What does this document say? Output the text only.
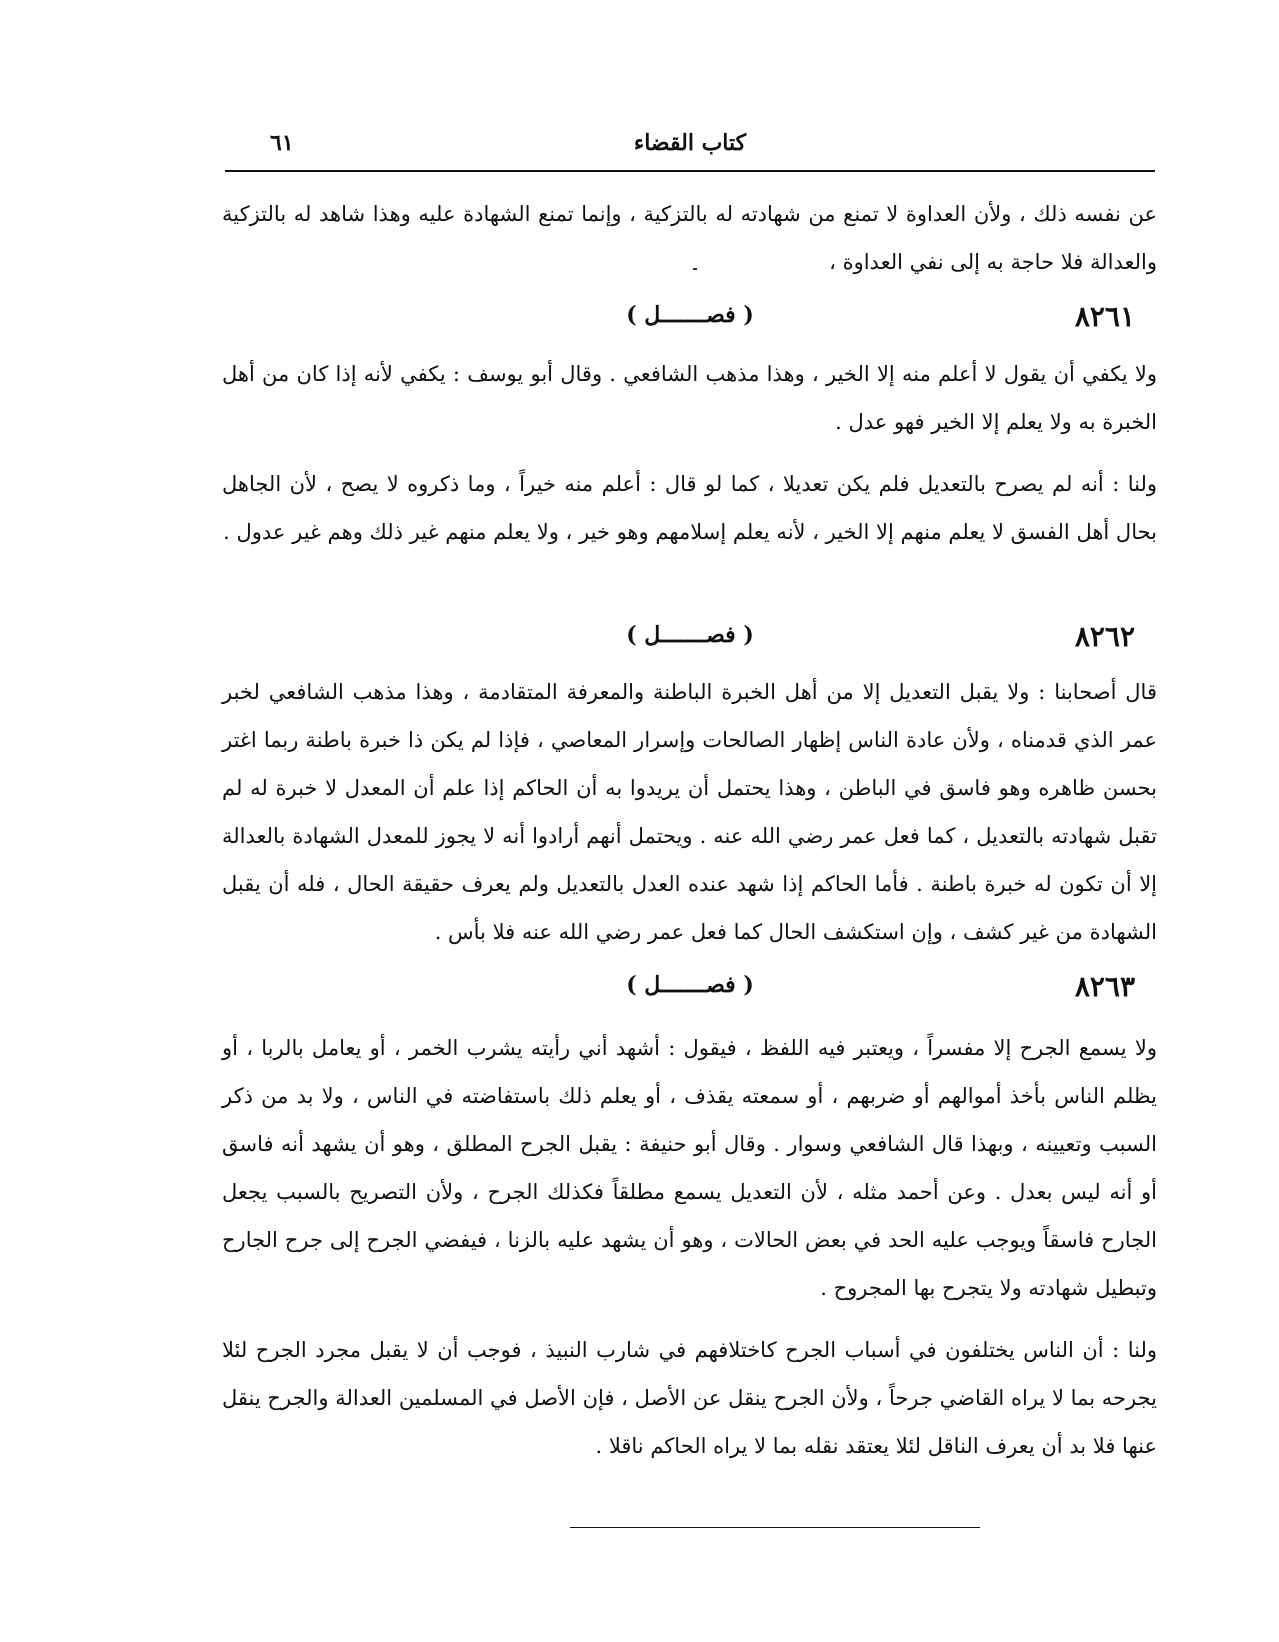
٦١	كتاب القضاء

عن نفسه ذلك ، ولأن العداوة لا تمنع من شهادته له بالتزكية ، وإنما تمنع الشهادة عليه وهذا شاهد له بالتزكية والعدالة فلا حاجة به إلى نفي العداوة ،

٨٢٦١
( فصـــــــل )

ولا يكفي أن يقول لا أعلم منه إلا الخير ، وهذا مذهب الشافعي . وقال أبو يوسف : يكفي لأنه إذا كان من أهل الخبرة به ولا يعلم إلا الخير فهو عدل .

ولنا : أنه لم يصرح بالتعديل فلم يكن تعديلا ، كما لو قال : أعلم منه خيراً ، وما ذكروه لا يصح ، لأن الجاهل بحال أهل الفسق لا يعلم منهم إلا الخير ، لأنه يعلم إسلامهم وهو خير ، ولا يعلم منهم غير ذلك وهم غير عدول .

٨٢٦٢
( فصـــــــل )

قال أصحابنا : ولا يقبل التعديل إلا من أهل الخبرة الباطنة والمعرفة المتقادمة ، وهذا مذهب الشافعي لخبر عمر الذي قدمناه ، ولأن عادة الناس إظهار الصالحات وإسرار المعاصي ، فإذا لم يكن ذا خبرة باطنة ربما اغتر بحسن ظاهره وهو فاسق في الباطن ، وهذا يحتمل أن يريدوا به أن الحاكم إذا علم أن المعدل لا خبرة له لم تقبل شهادته بالتعديل ، كما فعل عمر رضي الله عنه . ويحتمل أنهم أرادوا أنه لا يجوز للمعدل الشهادة بالعدالة إلا أن تكون له خبرة باطنة . فأما الحاكم إذا شهد عنده العدل بالتعديل ولم يعرف حقيقة الحال ، فله أن يقبل الشهادة من غير كشف ، وإن استكشف الحال كما فعل عمر رضي الله عنه فلا بأس .

٨٢٦٣
( فصـــــــل )

ولا يسمع الجرح إلا مفسراً ، ويعتبر فيه اللفظ ، فيقول : أشهد أني رأيته يشرب الخمر ، أو يعامل بالربا ، أو يظلم الناس بأخذ أموالهم أو ضربهم ، أو سمعته يقذف ، أو يعلم ذلك باستفاضته في الناس ، ولا بد من ذكر السبب وتعيينه ، وبهذا قال الشافعي وسوار . وقال أبو حنيفة : يقبل الجرح المطلق ، وهو أن يشهد أنه فاسق أو أنه ليس بعدل . وعن أحمد مثله ، لأن التعديل يسمع مطلقاً فكذلك الجرح ، ولأن التصريح بالسبب يجعل الجارح فاسقاً ويوجب عليه الحد في بعض الحالات ، وهو أن يشهد عليه بالزنا ، فيفضي الجرح إلى جرح الجارح وتبطيل شهادته ولا يتجرح بها المجروح .

ولنا : أن الناس يختلفون في أسباب الجرح كاختلافهم في شارب النبيذ ، فوجب أن لا يقبل مجرد الجرح لئلا يجرحه بما لا يراه القاضي جرحاً ، ولأن الجرح ينقل عن الأصل ، فإن الأصل في المسلمين العدالة والجرح ينقل عنها فلا بد أن يعرف الناقل لئلا يعتقد نقله بما لا يراه الحاكم ناقلا .
